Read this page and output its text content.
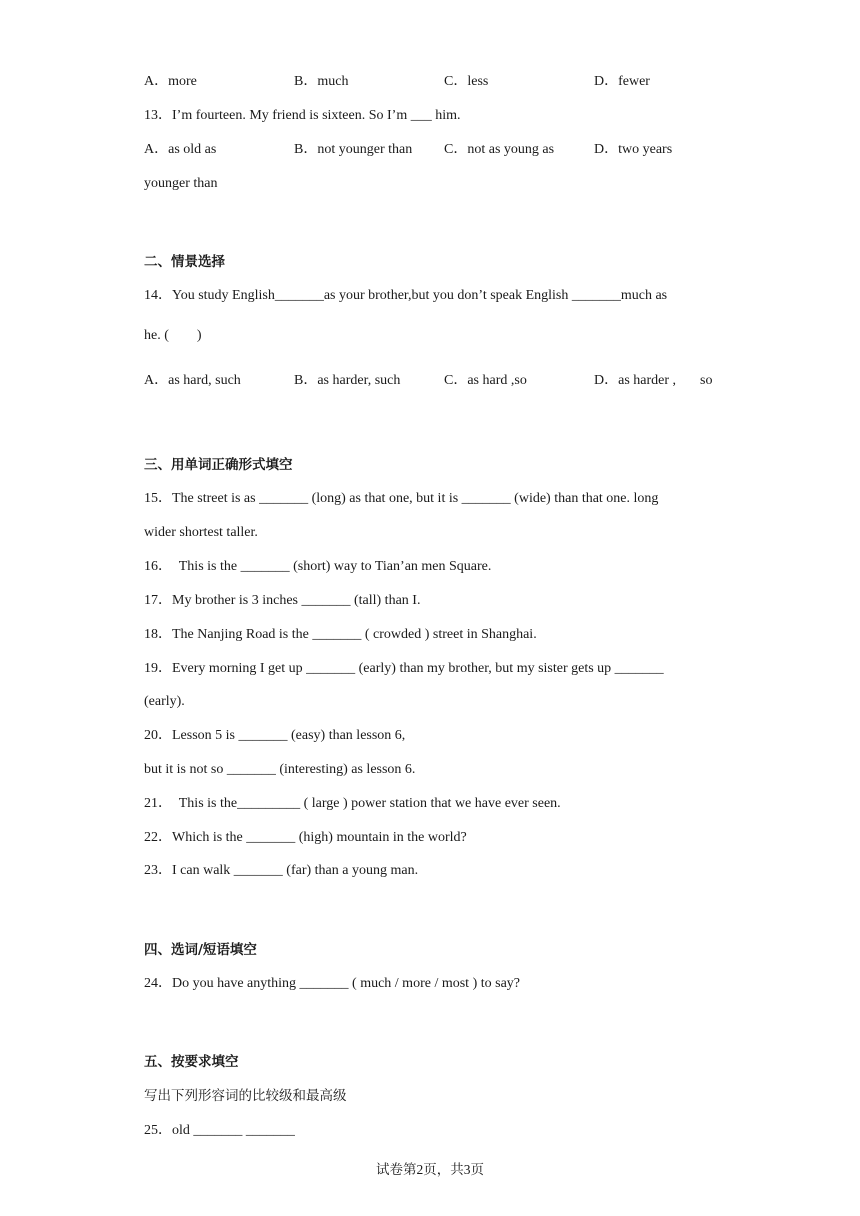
A．more	B．much	C．less	D．fewer
13．I’m fourteen. My friend is sixteen. So I’m ___ him.
A．as old as	B．not younger than C．not as young as	D．two years
younger than
二、情景选择
14．You study English_______as your brother,but you don’t speak English _______much as
he. (        )
A．as hard, such	B．as harder, such	C．as hard ,so	D．as harder , so
三、用单词正确形式填空
15．The street is as _______ (long) as that one, but it is _______ (wide) than that one. long
wider shortest taller.
16．  This is the _______ (short) way to Tian’an men Square.
17．My brother is 3 inches _______ (tall) than I.
18．The Nanjing Road is the _______ ( crowded ) street in Shanghai.
19．Every morning I get up _______ (early) than my brother, but my sister gets up _______
(early).
20．Lesson 5 is _______ (easy) than lesson 6,
but it is not so _______ (interesting) as lesson 6.
21．  This is the_________ ( large ) power station that we have ever seen.
22．Which is the _______ (high) mountain in the world?
23．I can walk _______ (far) than a young man.
四、选词/短语填空
24．Do you have anything _______ ( much / more / most ) to say?
五、按要求填空
写出下列形容词的比较级和最高级
25．old _______ _______
试卷第2页，共3页
